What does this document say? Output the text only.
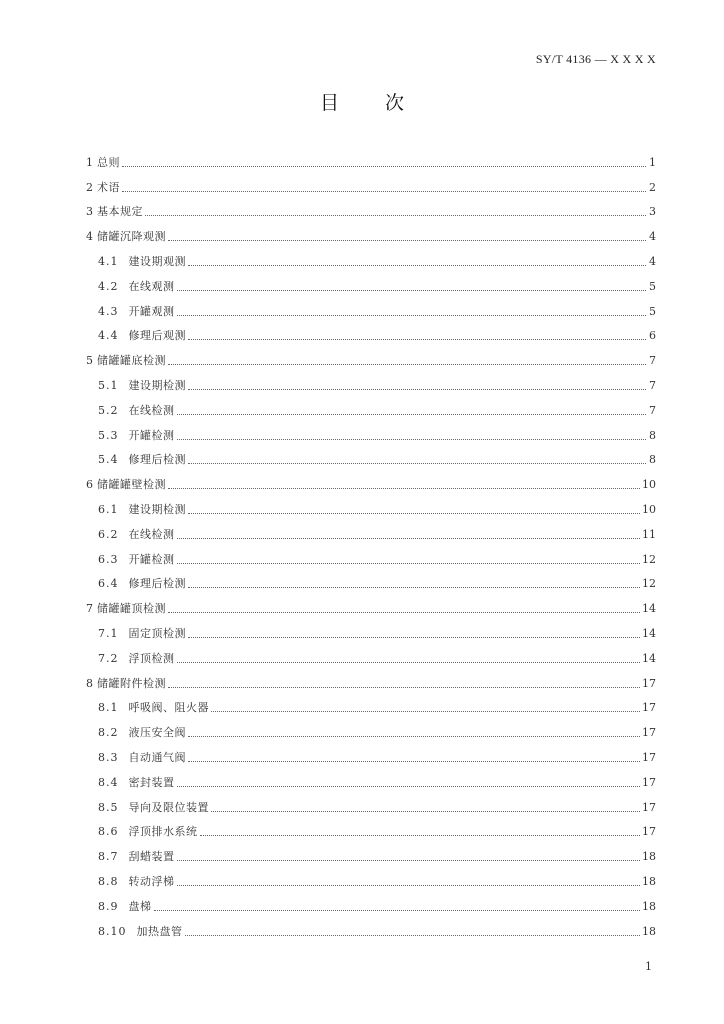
SY/T 4136 — X X X X
目 次
1 总则	1
2 术语	2
3 基本规定	3
4 储罐沉降观测	4
4.1 建设期观测	4
4.2 在线观测	5
4.3 开罐观测	5
4.4 修理后观测	6
5 储罐罐底检测	7
5.1 建设期检测	7
5.2 在线检测	7
5.3 开罐检测	8
5.4 修理后检测	8
6 储罐罐壁检测	10
6.1 建设期检测	10
6.2 在线检测	11
6.3 开罐检测	12
6.4 修理后检测	12
7 储罐罐顶检测	14
7.1 固定顶检测	14
7.2 浮顶检测	14
8 储罐附件检测	17
8.1 呼吸阀、阻火器	17
8.2 液压安全阀	17
8.3 自动通气阀	17
8.4 密封装置	17
8.5 导向及限位装置	17
8.6 浮顶排水系统	17
8.7 刮蜡装置	18
8.8 转动浮梯	18
8.9 盘梯	18
8.10 加热盘管	18
1
